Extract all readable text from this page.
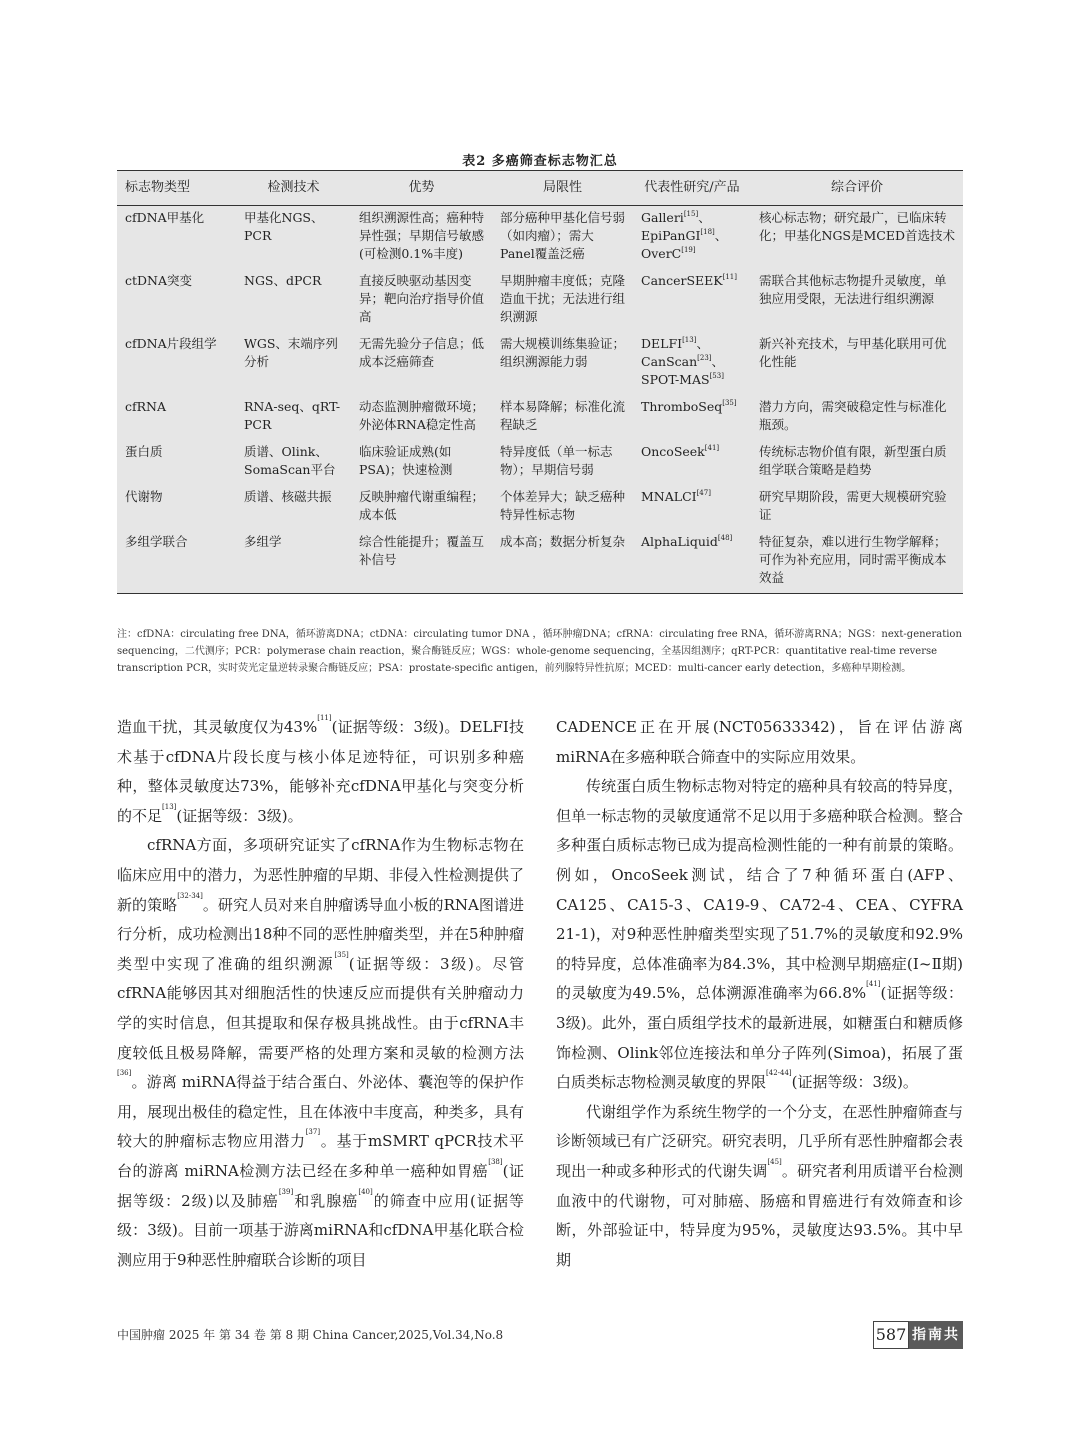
表2 多癌筛查标志物汇总
标志物类型	检测技术	优势	局限性	代表性研究/产品	综合评价
cfDNA甲基化	甲基化NGS、PCR	组织溯源性高；癌种特异性强；早期信号敏感(可检测0.1%丰度)	部分癌种甲基化信号弱（如肉瘤）；需大Panel覆盖泛癌	Galleri[15]、EpiPanGI[18]、OverC[19]	核心标志物；研究最广，已临床转化；甲基化NGS是MCED首选技术
ctDNA突变	NGS、dPCR	直接反映驱动基因变异；靶向治疗指导价值高	早期肿瘤丰度低；克隆造血干扰；无法进行组织溯源	CancerSEEK[11]	需联合其他标志物提升灵敏度，单独应用受限，无法进行组织溯源
cfDNA片段组学	WGS、末端序列分析	无需先验分子信息；低成本泛癌筛查	需大规模训练集验证；组织溯源能力弱	DELFI[13]、CanScan[23]、SPOT-MAS[53]	新兴补充技术，与甲基化联用可优化性能
cfRNA	RNA-seq、qRT-PCR	动态监测肿瘤微环境；外泌体RNA稳定性高	样本易降解；标准化流程缺乏	ThromboSeq[35]	潜力方向，需突破稳定性与标准化瓶颈。
蛋白质	质谱、Olink、SomaScan平台	临床验证成熟(如PSA)；快速检测	特异度低（单一标志物）；早期信号弱	OncoSeek[41]	传统标志物价值有限，新型蛋白质组学联合策略是趋势
代谢物	质谱、核磁共振	反映肿瘤代谢重编程；成本低	个体差异大；缺乏癌种特异性标志物	MNALCI[47]	研究早期阶段，需更大规模研究验证
多组学联合	多组学	综合性能提升；覆盖互补信号	成本高；数据分析复杂	AlphaLiquid[48]	特征复杂，难以进行生物学解释；可作为补充应用，同时需平衡成本效益
注：cfDNA：circulating free DNA，循环游离DNA；ctDNA：circulating tumor DNA ，循环肿瘤DNA；cfRNA：circulating free RNA，循环游离RNA；NGS：next-generation sequencing，二代测序；PCR：polymerase chain reaction，聚合酶链反应；WGS：whole-genome sequencing，全基因组测序；qRT-PCR：quantitative real-time reverse transcription PCR，实时荧光定量逆转录聚合酶链反应；PSA：prostate-specific antigen，前列腺特异性抗原；MCED：multi-cancer early detection，多癌种早期检测。

造血干扰，其灵敏度仅为43%[11](证据等级：3级)。DELFI技术基于cfDNA片段长度与核小体足迹特征，可识别多种癌种，整体灵敏度达73%，能够补充cfDNA甲基化与突变分析的不足[13](证据等级：3级)。

cfRNA方面，多项研究证实了cfRNA作为生物标志物在临床应用中的潜力，为恶性肿瘤的早期、非侵入性检测提供了新的策略[32-34]。研究人员对来自肿瘤诱导血小板的RNA图谱进行分析，成功检测出18种不同的恶性肿瘤类型，并在5种肿瘤类型中实现了准确的组织溯源[35](证据等级：3级)。尽管cfRNA能够因其对细胞活性的快速反应而提供有关肿瘤动力学的实时信息，但其提取和保存极具挑战性。由于cfRNA丰度较低且极易降解，需要严格的处理方案和灵敏的检测方法[36]。游离 miRNA得益于结合蛋白、外泌体、囊泡等的保护作用，展现出极佳的稳定性，且在体液中丰度高，种类多，具有较大的肿瘤标志物应用潜力[37]。基于mSMRT qPCR技术平台的游离 miRNA检测方法已经在多种单一癌种如胃癌[38](证据等级：2级)以及肺癌[39]和乳腺癌[40]的筛查中应用(证据等级：3级)。目前一项基于游离miRNA和cfDNA甲基化联合检测应用于9种恶性肿瘤联合诊断的项目

CADENCE正在开展(NCT05633342)，旨在评估游离miRNA在多癌种联合筛查中的实际应用效果。

传统蛋白质生物标志物对特定的癌种具有较高的特异度，但单一标志物的灵敏度通常不足以用于多癌种联合检测。整合多种蛋白质标志物已成为提高检测性能的一种有前景的策略。例如，OncoSeek测试，结合了7种循环蛋白(AFP、CA125、CA15-3、CA19-9、CA72-4、CEA、CYFRA 21-1)，对9种恶性肿瘤类型实现了51.7%的灵敏度和92.9%的特异度，总体准确率为84.3%，其中检测早期癌症(Ⅰ~Ⅱ期)的灵敏度为49.5%，总体溯源准确率为66.8%[41](证据等级：3级)。此外，蛋白质组学技术的最新进展，如糖蛋白和糖质修饰检测、Olink邻位连接法和单分子阵列(Simoa)，拓展了蛋白质类标志物检测灵敏度的界限[42-44](证据等级：3级)。

代谢组学作为系统生物学的一个分支，在恶性肿瘤筛查与诊断领域已有广泛研究。研究表明，几乎所有恶性肿瘤都会表现出一种或多种形式的代谢失调[45]。研究者利用质谱平台检测血液中的代谢物，可对肺癌、肠癌和胃癌进行有效筛查和诊断，外部验证中，特异度为95%，灵敏度达93.5%。其中早期

中国肿瘤 2025 年 第 34 卷 第 8 期 China Cancer,2025,Vol.34,No.8	587 指南共识
